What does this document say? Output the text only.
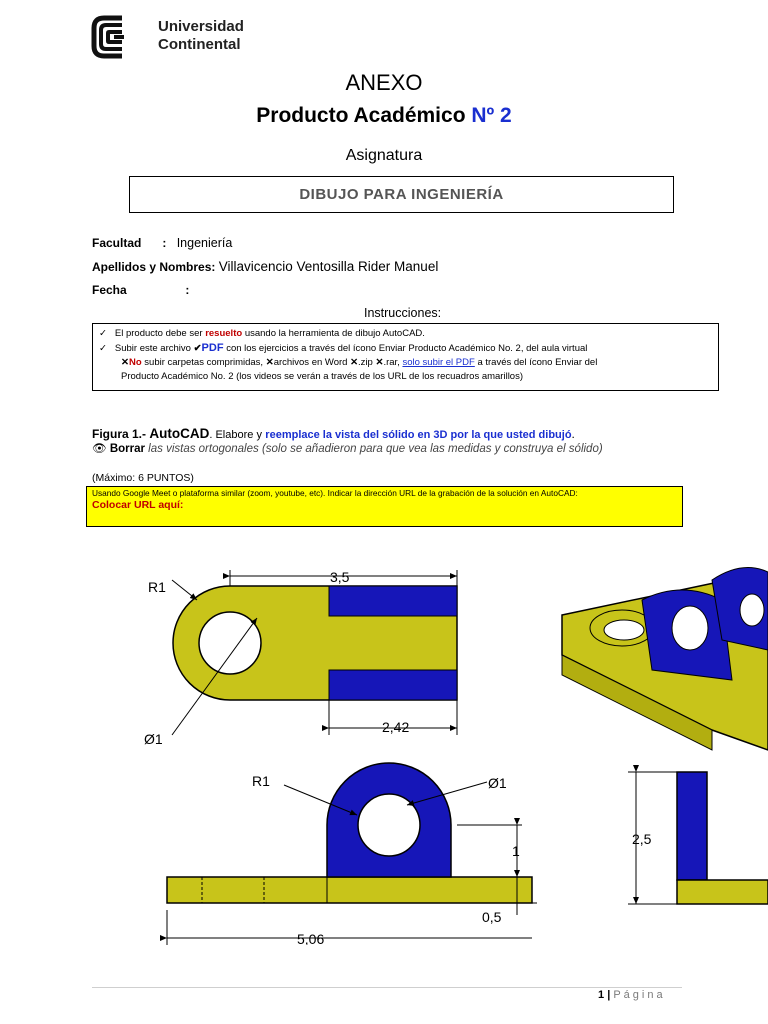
Universidad
Continental
ANEXO
Producto Académico Nº 2
Asignatura
DIBUJO PARA INGENIERÍA
Facultad : Ingeniería
Apellidos y Nombres: Villavicencio Ventosilla Rider Manuel
Fecha	:
Instrucciones:
✓ El producto debe ser resuelto usando la herramienta de dibujo AutoCAD.
✓ Subir este archivo ✔PDF con los ejercicios a través del ícono Enviar Producto Académico No. 2, del aula virtual
✕No subir carpetas comprimidas, ✕archivos en Word ✕.zip ✕.rar, solo subir el PDF a través del ícono Enviar del
Producto Académico No. 2 (los videos se verán a través de los URL de los recuadros amarillos)
Figura 1.- AutoCAD. Elabore y reemplace la vista del sólido en 3D por la que usted dibujó.
👁︎ Borrar las vistas ortogonales (solo se añadieron para que vea las medidas y construya el sólido)
(Máximo: 6 PUNTOS)
Usando Google Meet o plataforma similar (zoom, youtube, etc). Indicar la dirección URL de la grabación de la solución en AutoCAD:
Colocar URL aquí:
R1
3,5
Ø1
2,42
R1	Ø1
1
0,5
5,06
2,5
1 | Página
